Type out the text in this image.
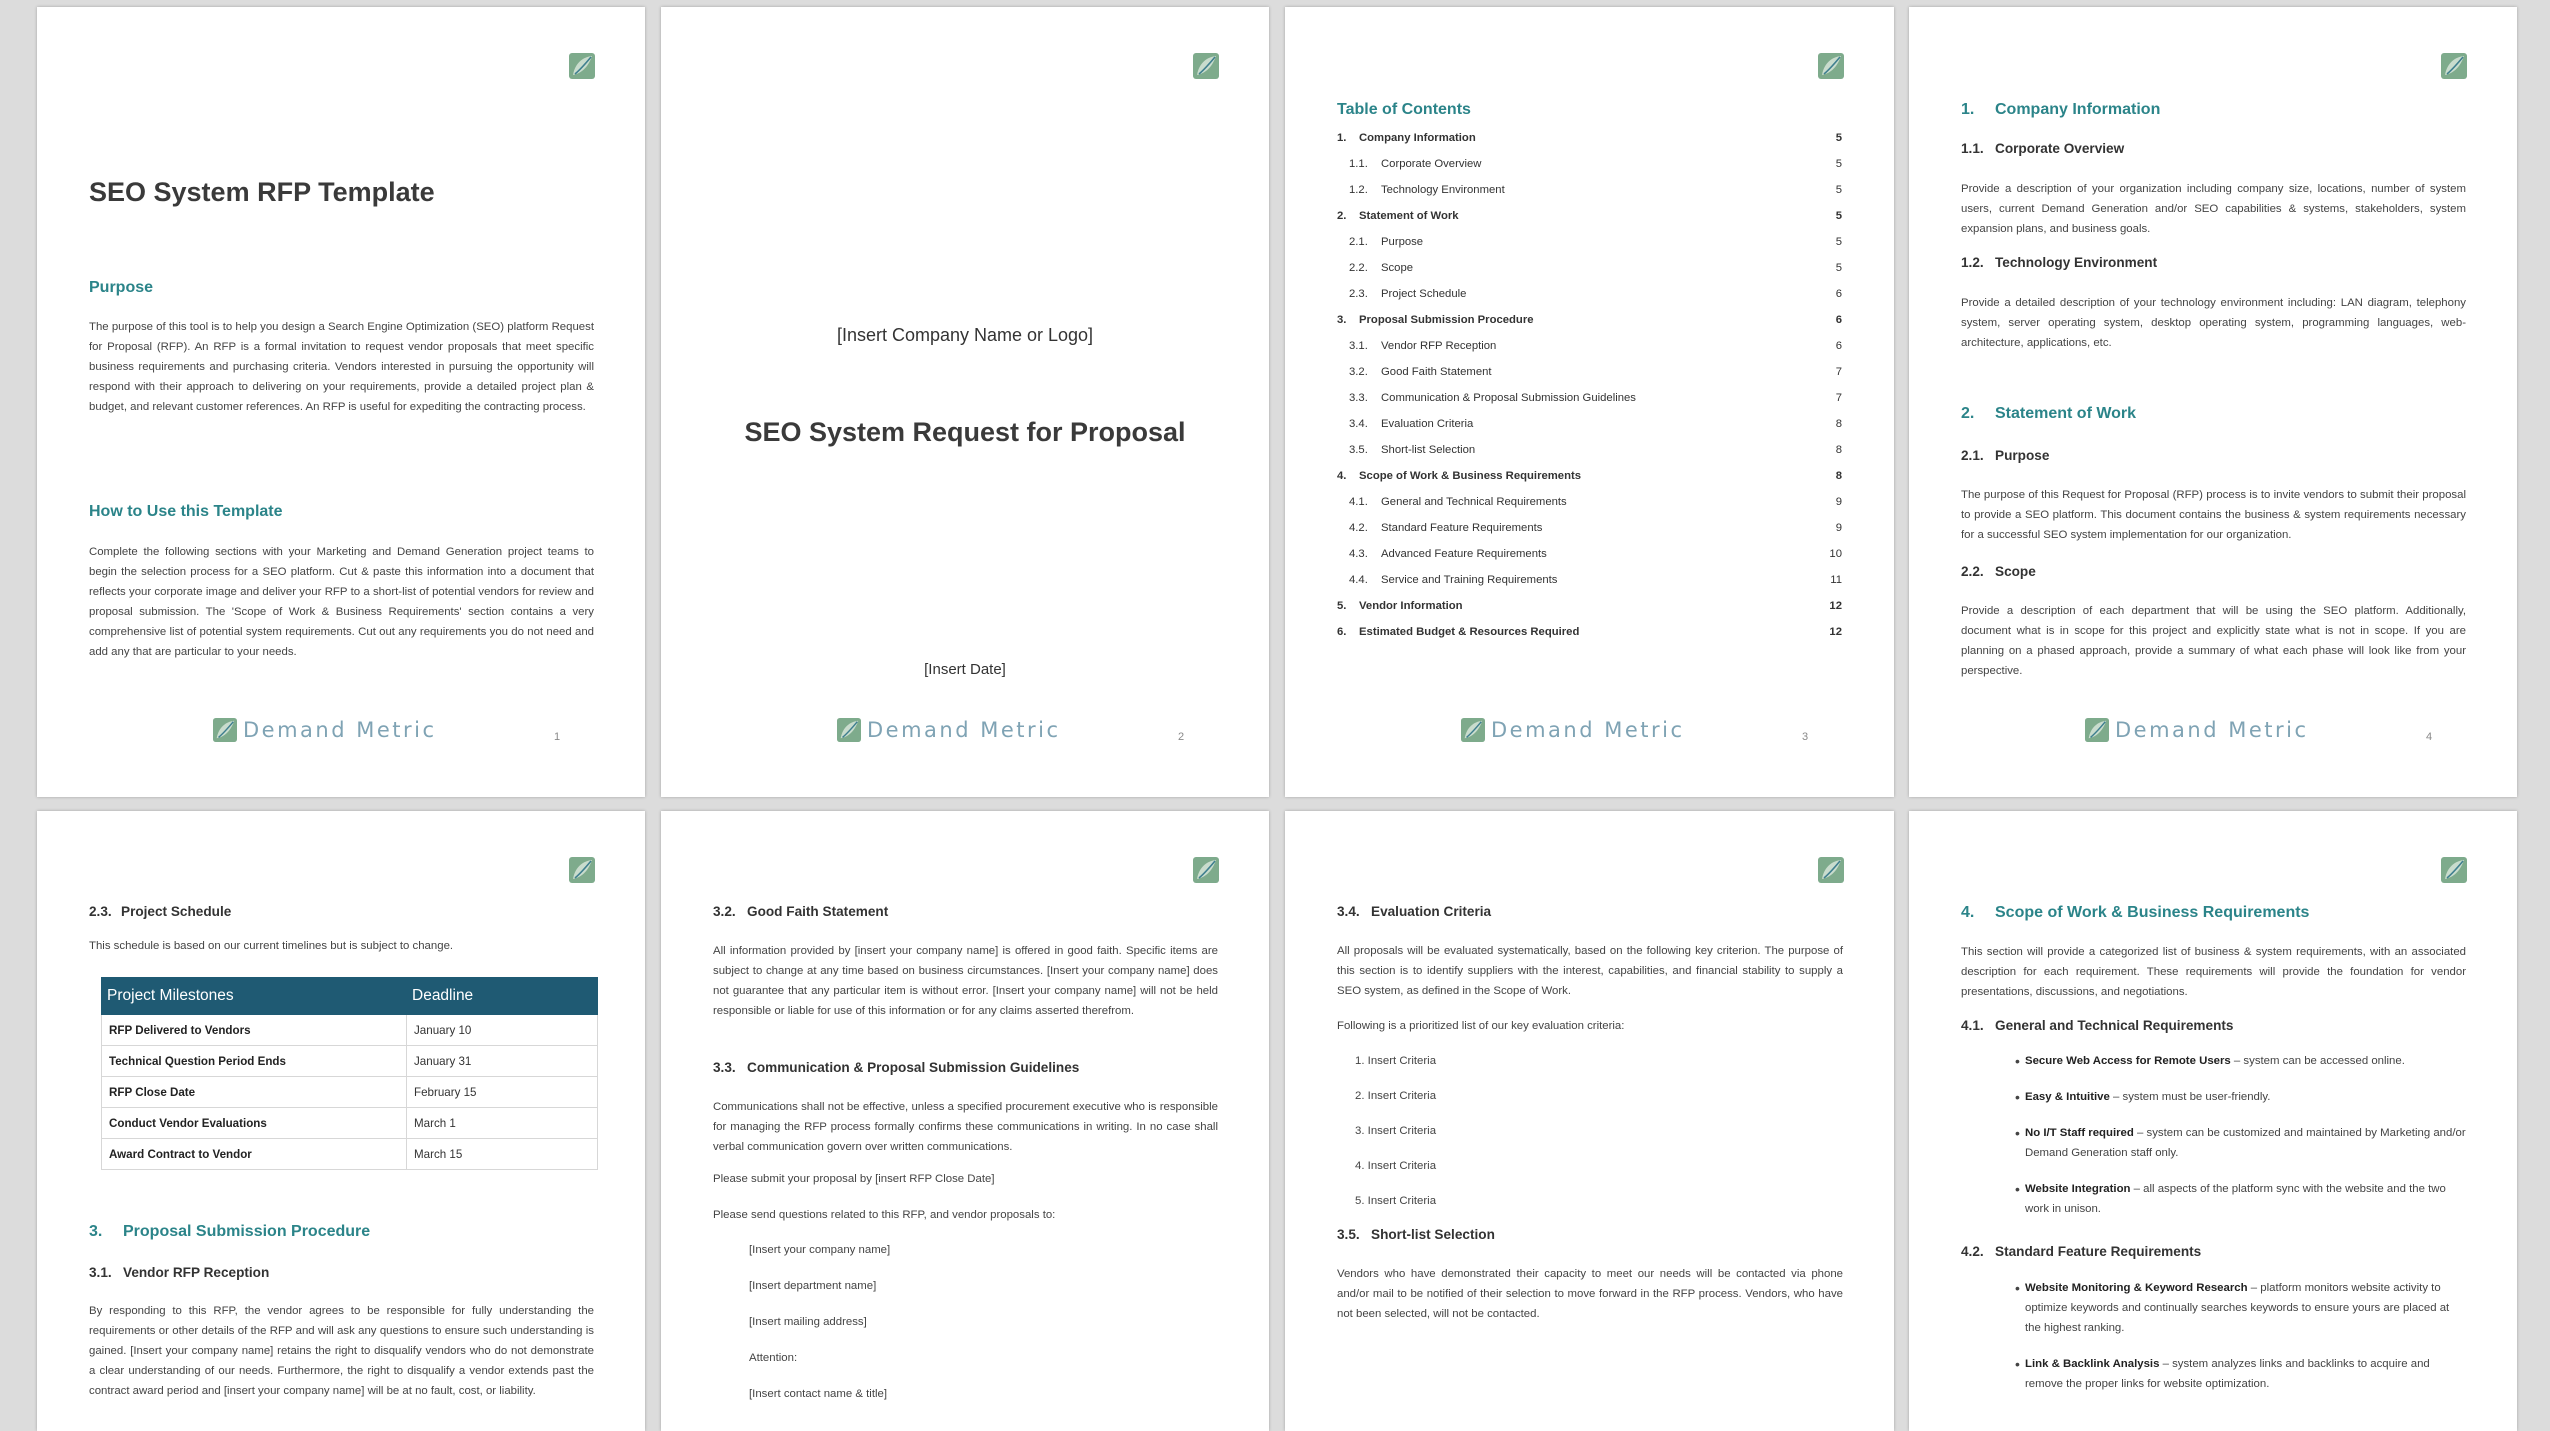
SEO System RFP Template
Purpose

The purpose of this tool is to help you design a Search Engine Optimization (SEO) platform Request for Proposal (RFP). An RFP is a formal invitation to request vendor proposals that meet specific business requirements and purchasing criteria. Vendors interested in pursuing the opportunity will respond with their approach to delivering on your requirements, provide a detailed project plan & budget, and relevant customer references. An RFP is useful for expediting the contracting process.

How to Use this Template

Complete the following sections with your Marketing and Demand Generation project teams to begin the selection process for a SEO platform. Cut & paste this information into a document that reflects your corporate image and deliver your RFP to a short-list of potential vendors for review and proposal submission. The 'Scope of Work & Business Requirements' section contains a very comprehensive list of potential system requirements. Cut out any requirements you do not need and add any that are particular to your needs.

Demand Metric	1
[Insert Company Name or Logo]
SEO System Request for Proposal
[Insert Date]
Demand Metric	2
Table of Contents
1. Company Information	5
1.1. Corporate Overview	5
1.2. Technology Environment	5
2. Statement of Work	5
2.1. Purpose	5
2.2. Scope	5
2.3. Project Schedule	6
3. Proposal Submission Procedure	6
3.1. Vendor RFP Reception	6
3.2. Good Faith Statement	7
3.3. Communication & Proposal Submission Guidelines	7
3.4. Evaluation Criteria	8
3.5. Short-list Selection	8
4. Scope of Work & Business Requirements	8
4.1. General and Technical Requirements	9
4.2. Standard Feature Requirements	9
4.3. Advanced Feature Requirements	10
4.4. Service and Training Requirements	11
5. Vendor Information	12
6. Estimated Budget & Resources Required	12
Demand Metric	3
1. Company Information
1.1. Corporate Overview

Provide a description of your organization including company size, locations, number of system users, current Demand Generation and/or SEO capabilities & systems, stakeholders, system expansion plans, and business goals.

1.2. Technology Environment

Provide a detailed description of your technology environment including: LAN diagram, telephony system, server operating system, desktop operating system, programming languages, web-architecture, applications, etc.

2. Statement of Work
2.1. Purpose

The purpose of this Request for Proposal (RFP) process is to invite vendors to submit their proposal to provide a SEO platform. This document contains the business & system requirements necessary for a successful SEO system implementation for our organization.

2.2. Scope

Provide a description of each department that will be using the SEO platform. Additionally, document what is in scope for this project and explicitly state what is not in scope. If you are planning on a phased approach, provide a summary of what each phase will look like from your perspective.

Demand Metric	4
2.3. Project Schedule

This schedule is based on our current timelines but is subject to change.

Project Milestones	Deadline
RFP Delivered to Vendors	January 10
Technical Question Period Ends	January 31
RFP Close Date	February 15
Conduct Vendor Evaluations	March 1
Award Contract to Vendor	March 15
3. Proposal Submission Procedure
3.1. Vendor RFP Reception

By responding to this RFP, the vendor agrees to be responsible for fully understanding the requirements or other details of the RFP and will ask any questions to ensure such understanding is gained. [Insert your company name] retains the right to disqualify vendors who do not demonstrate a clear understanding of our needs. Furthermore, the right to disqualify a vendor extends past the contract award period and [insert your company name] will be at no fault, cost, or liability.

3.2. Good Faith Statement

All information provided by [insert your company name] is offered in good faith. Specific items are subject to change at any time based on business circumstances. [Insert your company name] does not guarantee that any particular item is without error. [Insert your company name] will not be held responsible or liable for use of this information or for any claims asserted therefrom.

3.3. Communication & Proposal Submission Guidelines

Communications shall not be effective, unless a specified procurement executive who is responsible for managing the RFP process formally confirms these communications in writing. In no case shall verbal communication govern over written communications.

Please submit your proposal by [insert RFP Close Date]

Please send questions related to this RFP, and vendor proposals to:

[Insert your company name]
[Insert department name]
[Insert mailing address]
Attention:
[Insert contact name & title]
3.4. Evaluation Criteria

All proposals will be evaluated systematically, based on the following key criterion. The purpose of this section is to identify suppliers with the interest, capabilities, and financial stability to supply a SEO system, as defined in the Scope of Work.

Following is a prioritized list of our key evaluation criteria:

1. Insert Criteria
2. Insert Criteria
3. Insert Criteria
4. Insert Criteria
5. Insert Criteria
3.5. Short-list Selection

Vendors who have demonstrated their capacity to meet our needs will be contacted via phone and/or mail to be notified of their selection to move forward in the RFP process. Vendors, who have not been selected, will not be contacted.

4. Scope of Work & Business Requirements

This section will provide a categorized list of business & system requirements, with an associated description for each requirement. These requirements will provide the foundation for vendor presentations, discussions, and negotiations.

4.1. General and Technical Requirements
• Secure Web Access for Remote Users – system can be accessed online.
• Easy & Intuitive – system must be user-friendly.
• No I/T Staff required – system can be customized and maintained by Marketing and/or Demand Generation staff only.
• Website Integration – all aspects of the platform sync with the website and the two work in unison.
4.2. Standard Feature Requirements
• Website Monitoring & Keyword Research – platform monitors website activity to optimize keywords and continually searches keywords to ensure yours are placed at the highest ranking.
• Link & Backlink Analysis – system analyzes links and backlinks to acquire and remove the proper links for website optimization.
